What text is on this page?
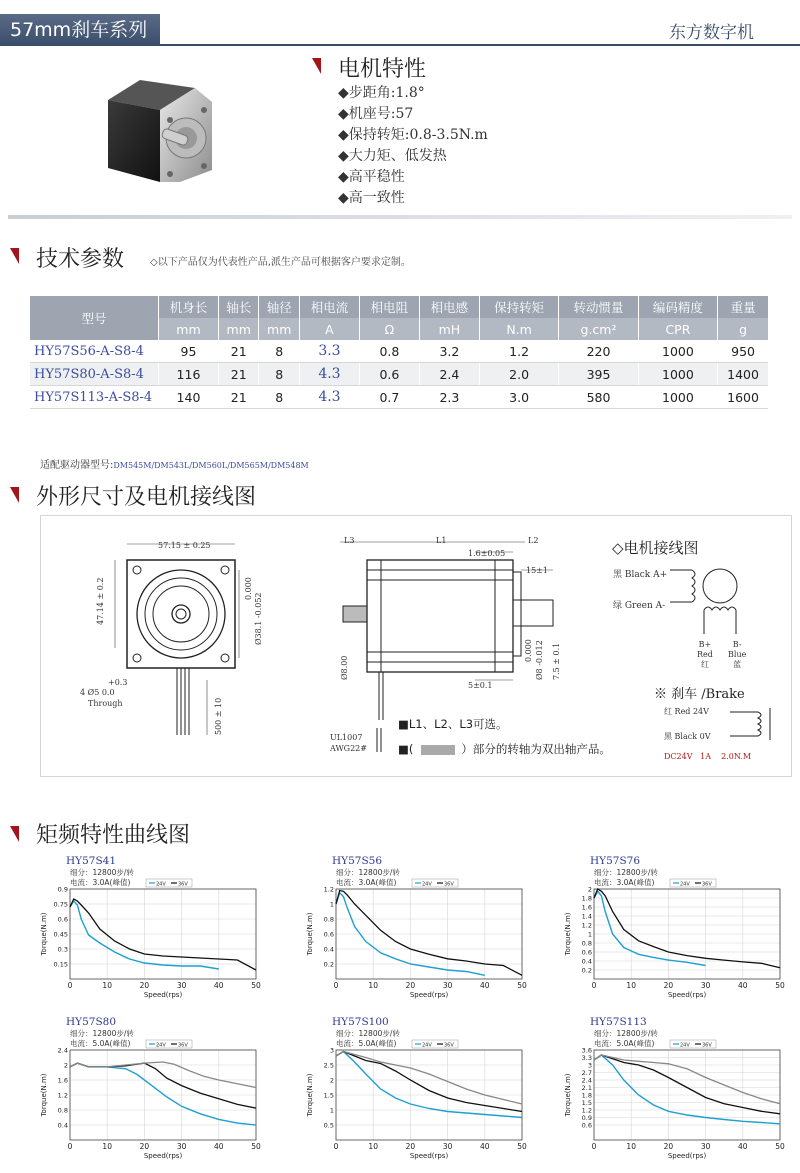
57mm刹车系列	东方数字机
电机特性
◆步距角:1.8°
◆机座号:57
◆保持转矩:0.8-3.5N.m
◆大力矩、低发热
◆高平稳性
◆高一致性
技术参数	◇以下产品仅为代表性产品,派生产品可根据客户要求定制。
型号	机身长	轴长	轴径	相电流	相电阻	相电感	保持转矩	转动惯量	编码精度	重量
	mm	mm	mm	A	Ω	mH	N.m	g.cm²	CPR	g
HY57S56-A-S8-4	95	21	8	3.3	0.8	3.2	1.2	220	1000	950
HY57S80-A-S8-4	116	21	8	4.3	0.6	2.4	2.0	395	1000	1400
HY57S113-A-S8-4	140	21	8	4.3	0.7	2.3	3.0	580	1000	1600
适配驱动器型号:DM545M/DM543L/DM560L/DM565M/DM548M
外形尺寸及电机接线图
57.15 ± 0.25
47.14 ± 0.2	Ø38.1 -0.052
0.000
+0.3
4 Ø5 0.0
Through	500 ± 10
L3	L1	L2
1.6±0.05
15±1
5±0.1
7.5 ± 0.1
Ø8 -0.012
0.000
Ø8.00
UL1007
AWG22#
■L1、L2、L3可选。
■(	）部分的转轴为双出轴产品。
◇电机接线图
黑 Black A+
绿 Green A-
B+
Red
红
B-
Blue
蓝
※ 刹车 /Brake
红 Red 24V
黑 Black 0V
DC24V   1A    2.0N.M
矩频特性曲线图
HY57S41
细分：12800步/转
电流：3.0A(峰值)	24V 36V
0	10	20	30	40	50
0.15
0.3
0.45
0.6
0.75
0.9
Speed(rps)
Torque(N.m)
HY57S56
细分：12800步/转
电流：3.0A(峰值)	24V 36V
0	10	20	30	40	50
0.2
0.4
0.6
0.8
1
1.2
Speed(rps)
Torque(N.m)
HY57S76
细分：12800步/转
电流：3.0A(峰值)	24V 36V
0	10	20	30	40	50
0.2
0.4
0.6
0.8
1
1.2
1.4
1.6
1.8
2
Speed(rps)
Torque(N.m)
HY57S80
细分：12800步/转
电流：5.0A(峰值)	24V 36V
0	10	20	30	40	50
0.4
0.8
1.2
1.6
2
2.4
Speed(rps)
Torque(N.m)
HY57S100
细分：12800步/转
电流：5.0A(峰值)	24V 36V
0	10	20	30	40	50
0.5
1
1.5
2
2.5
3
Speed(rps)
Torque(N.m)
HY57S113
细分：12800步/转
电流：5.0A(峰值)	24V 36V
0	10	20	30	40	50
0.6
0.9
1.2
1.5
1.8
2.1
2.4
2.7
3
3.3
3.6
Speed(rps)
Torque(N.m)
